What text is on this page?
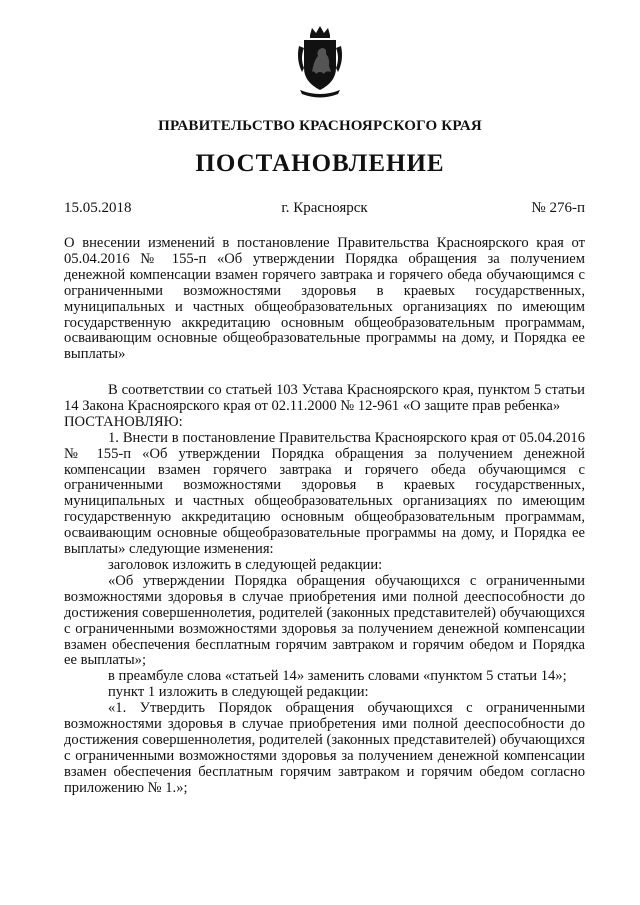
ПРАВИТЕЛЬСТВО КРАСНОЯРСКОГО КРАЯ
ПОСТАНОВЛЕНИЕ
г. Красноярск
15.05.2018	№ 276-п

О внесении изменений в постановление Правительства Красноярского края от 05.04.2016 № 155-п «Об утверждении Порядка обращения за получением денежной компенсации взамен горячего завтрака и горячего обеда обучающимся с ограниченными возможностями здоровья в краевых государственных, муниципальных и частных общеобразовательных организациях по имеющим государственную аккредитацию основным общеобразовательным программам, осваивающим основные общеобразовательные программы на дому, и Порядка ее выплаты»

В соответствии со статьей 103 Устава Красноярского края, пунктом 5 статьи 14 Закона Красноярского края от 02.11.2000 № 12-961 «О защите прав ребенка»

ПОСТАНОВЛЯЮ:

1. Внести в постановление Правительства Красноярского края от 05.04.2016 № 155-п «Об утверждении Порядка обращения за получением денежной компенсации взамен горячего завтрака и горячего обеда обучающимся с ограниченными возможностями здоровья в краевых государственных, муниципальных и частных общеобразовательных организациях по имеющим государственную аккредитацию основным общеобразовательным программам, осваивающим основные общеобразовательные программы на дому, и Порядка ее выплаты» следующие изменения:

заголовок изложить в следующей редакции:

«Об утверждении Порядка обращения обучающихся с ограниченными возможностями здоровья в случае приобретения ими полной дееспособности до достижения совершеннолетия, родителей (законных представителей) обучающихся с ограниченными возможностями здоровья за получением денежной компенсации взамен обеспечения бесплатным горячим завтраком и горячим обедом и Порядка ее выплаты»;

в преамбуле слова «статьей 14» заменить словами «пунктом 5 статьи 14»;

пункт 1 изложить в следующей редакции:

«1. Утвердить Порядок обращения обучающихся с ограниченными возможностями здоровья в случае приобретения ими полной дееспособности до достижения совершеннолетия, родителей (законных представителей) обучающихся с ограниченными возможностями здоровья за получением денежной компенсации взамен обеспечения бесплатным горячим завтраком и горячим обедом согласно приложению № 1.»;
